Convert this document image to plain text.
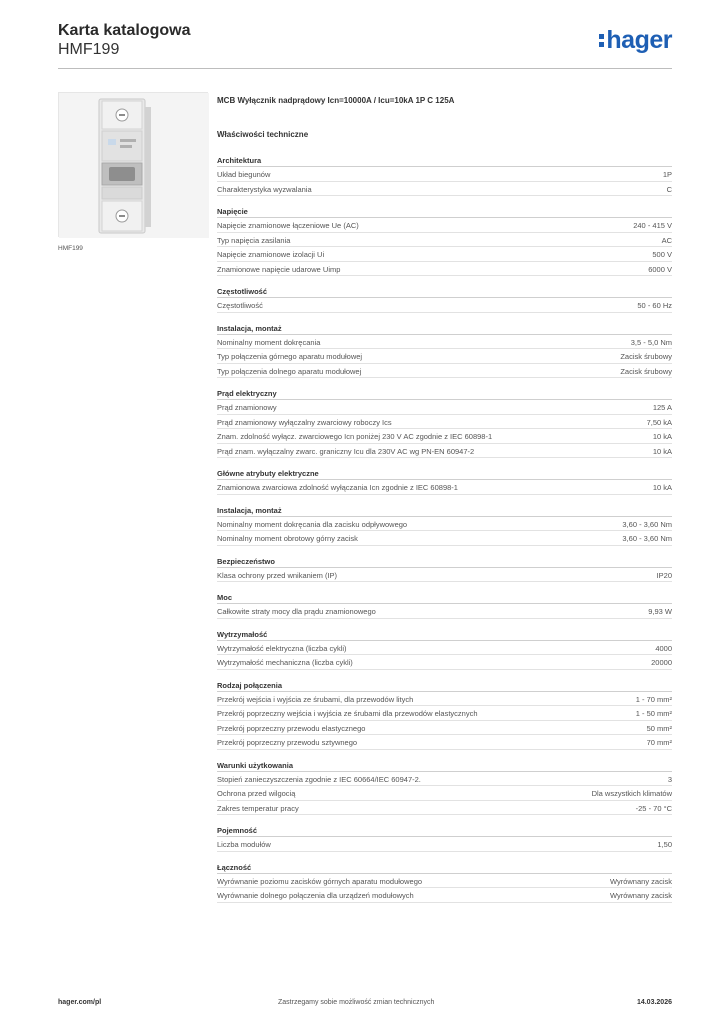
Karta katalogowa
HMF199	hager
HMF199
MCB Wyłącznik nadprądowy Icn=10000A / Icu=10kA 1P C 125A
Właściwości techniczne
Architektura
Układ biegunów	1P
Charakterystyka wyzwalania	C
Napięcie
Napięcie znamionowe łączeniowe Ue (AC)	240 - 415 V
Typ napięcia zasilania	AC
Napięcie znamionowe izolacji Ui	500 V
Znamionowe napięcie udarowe Uimp	6000 V
Częstotliwość
Częstotliwość	50 - 60 Hz
Instalacja, montaż
Nominalny moment dokręcania	3,5 - 5,0 Nm
Typ połączenia górnego aparatu modułowej	Zacisk śrubowy
Typ połączenia dolnego aparatu modułowej	Zacisk śrubowy
Prąd elektryczny
Prąd znamionowy	125 A
Prąd znamionowy wyłączalny zwarciowy roboczy Ics	7,50 kA
Znam. zdolność wyłącz. zwarciowego Icn poniżej 230 V AC zgodnie z IEC 60898-1	10 kA
Prąd znam. wyłączalny zwarc. graniczny Icu dla 230V AC wg PN-EN 60947-2	10 kA
Główne atrybuty elektryczne
Znamionowa zwarciowa zdolność wyłączania Icn zgodnie z IEC 60898-1	10 kA
Instalacja, montaż
Nominalny moment dokręcania dla zacisku odpływowego	3,60 - 3,60 Nm
Nominalny moment obrotowy górny zacisk	3,60 - 3,60 Nm
Bezpieczeństwo
Klasa ochrony przed wnikaniem (IP)	IP20
Moc
Całkowite straty mocy dla prądu znamionowego	9,93 W
Wytrzymałość
Wytrzymałość elektryczna (liczba cykli)	4000
Wytrzymałość mechaniczna (liczba cykli)	20000
Rodzaj połączenia
Przekrój wejścia i wyjścia ze śrubami, dla przewodów litych	1 - 70 mm²
Przekrój poprzeczny wejścia i wyjścia ze śrubami dla przewodów elastycznych	1 - 50 mm²
Przekrój poprzeczny przewodu elastycznego	50 mm²
Przekrój poprzeczny przewodu sztywnego	70 mm²
Warunki użytkowania
Stopień zanieczyszczenia zgodnie z IEC 60664/IEC 60947-2.	3
Ochrona przed wilgocią	Dla wszystkich klimatów
Zakres temperatur pracy	-25 - 70 °C
Pojemność
Liczba modułów	1,50
Łączność
Wyrównanie poziomu zacisków górnych aparatu modułowego	Wyrównany zacisk
Wyrównanie dolnego połączenia dla urządzeń modułowych	Wyrównany zacisk
hager.com/pl	Zastrzegamy sobie możliwość zmian technicznych	14.03.2026
